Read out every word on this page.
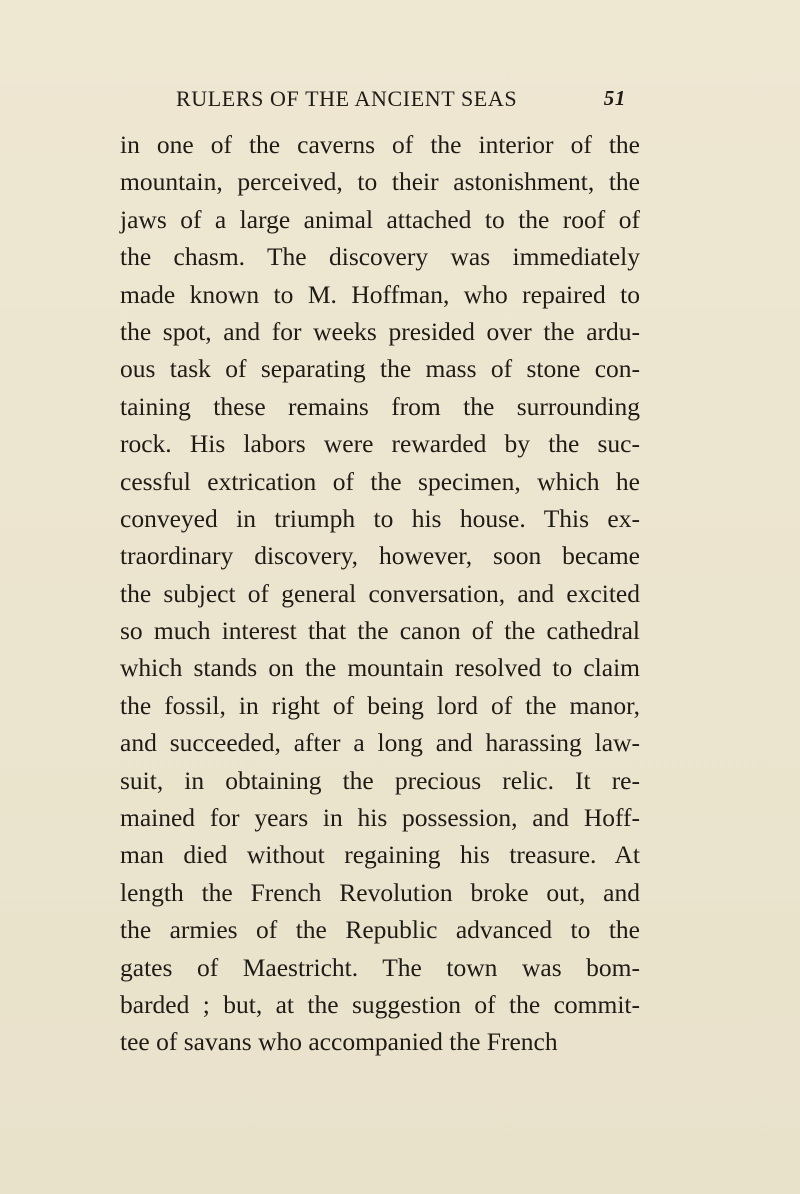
RULERS OF THE ANCIENT SEAS	51
in one of the caverns of the interior of the
mountain, perceived, to their astonishment, the
jaws of a large animal attached to the roof of
the chasm. The discovery was immediately
made known to M. Hoffman, who repaired to
the spot, and for weeks presided over the ardu-
ous task of separating the mass of stone con-
taining these remains from the surrounding
rock. His labors were rewarded by the suc-
cessful extrication of the specimen, which he
conveyed in triumph to his house. This ex-
traordinary discovery, however, soon became
the subject of general conversation, and excited
so much interest that the canon of the cathedral
which stands on the mountain resolved to claim
the fossil, in right of being lord of the manor,
and succeeded, after a long and harassing law-
suit, in obtaining the precious relic. It re-
mained for years in his possession, and Hoff-
man died without regaining his treasure. At
length the French Revolution broke out, and
the armies of the Republic advanced to the
gates of Maestricht. The town was bom-
barded ; but, at the suggestion of the commit-
tee of savans who accompanied the French
